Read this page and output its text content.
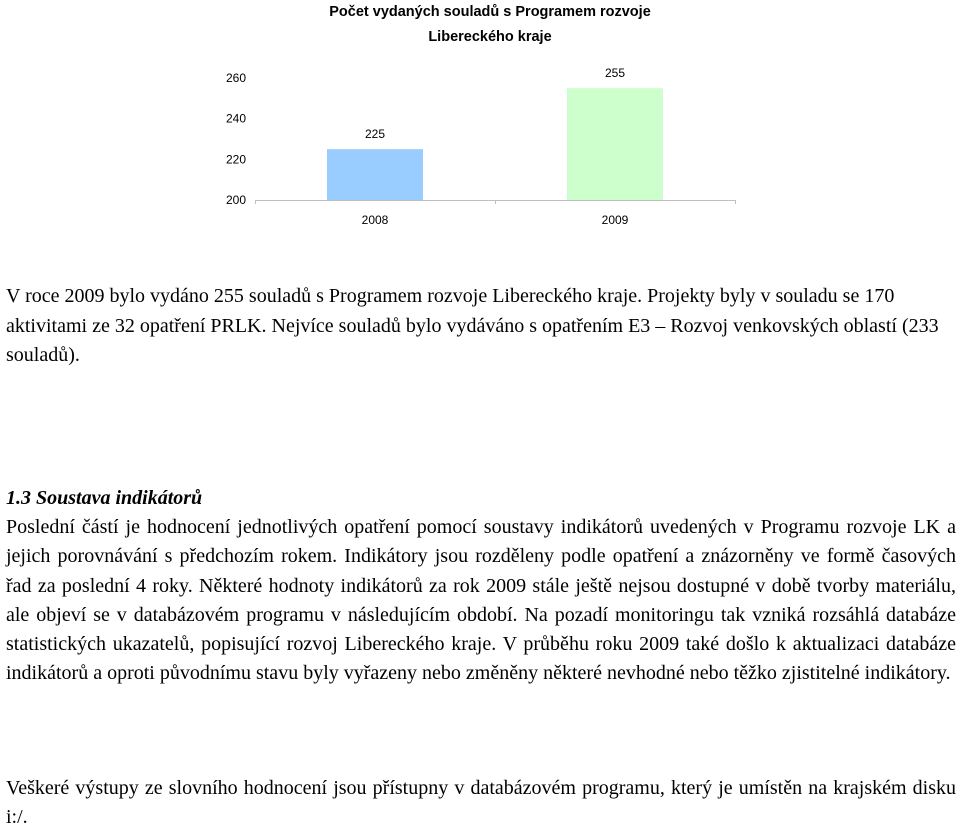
Počet vydaných souladů s Programem rozvoje
Libereckého kraje
200
220
240
260
225
2008
255
2009
V roce 2009 bylo vydáno 255 souladů s Programem rozvoje Libereckého kraje. Projekty byly v souladu se 170 aktivitami ze 32 opatření PRLK. Nejvíce souladů bylo vydáváno s opatřením E3 – Rozvoj venkovských oblastí (233 souladů).
1.3 Soustava indikátorů
Poslední částí je hodnocení jednotlivých opatření pomocí soustavy indikátorů uvedených v Programu rozvoje LK a jejich porovnávání s předchozím rokem. Indikátory jsou rozděleny podle opatření a znázorněny ve formě časových řad za poslední 4 roky. Některé hodnoty indikátorů za rok 2009 stále ještě nejsou dostupné v době tvorby materiálu, ale objeví se v databázovém programu v následujícím období. Na pozadí monitoringu tak vzniká rozsáhlá databáze statistických ukazatelů, popisující rozvoj Libereckého kraje. V průběhu roku 2009 také došlo k aktualizaci databáze indikátorů a oproti původnímu stavu byly vyřazeny nebo změněny některé nevhodné nebo těžko zjistitelné indikátory.
Veškeré výstupy ze slovního hodnocení jsou přístupny v databázovém programu, který je umístěn na krajském disku i:/.
